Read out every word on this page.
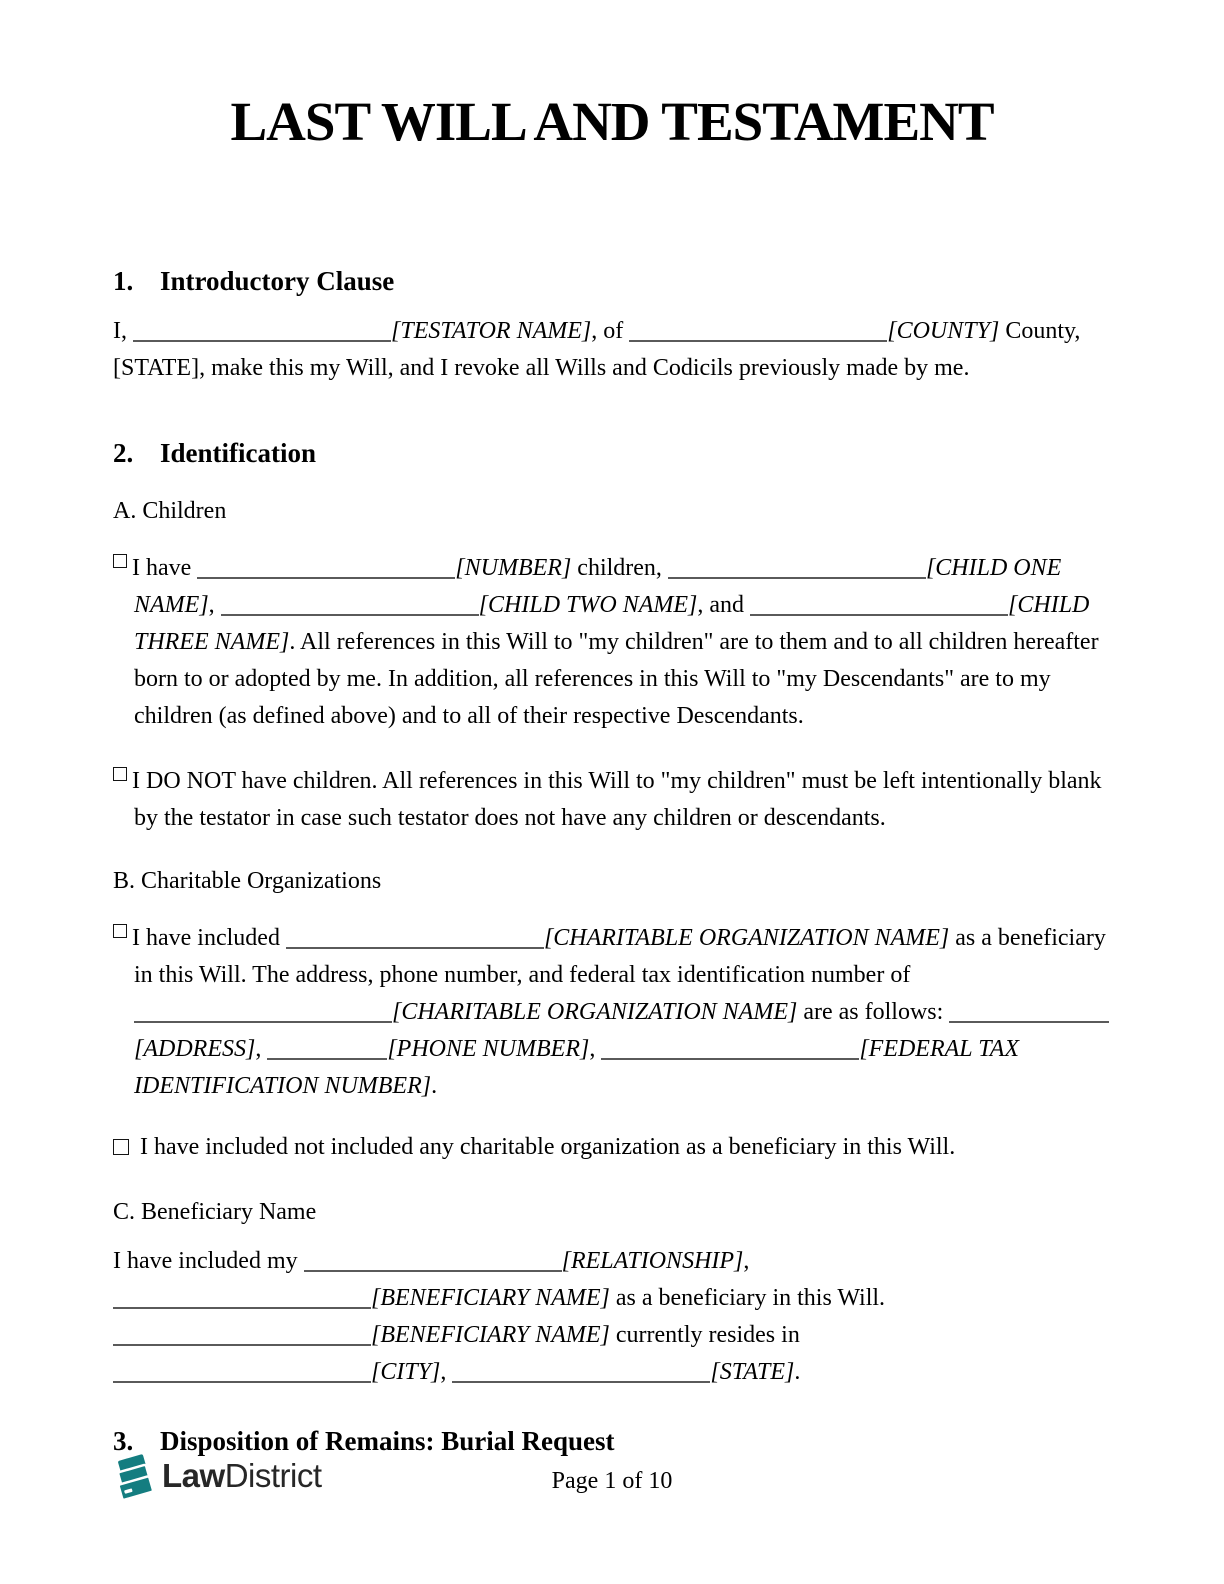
LAST WILL AND TESTAMENT
1. Introductory Clause
I,	[TESTATOR NAME], of	[COUNTY] County, [STATE], make this my Will, and I revoke all Wills and Codicils previously made by me.
2. Identification
A. Children
I have	[NUMBER] children,	[CHILD ONE NAME],	[CHILD TWO NAME], and	[CHILD THREE NAME]. All references in this Will to "my children" are to them and to all children hereafter born to or adopted by me. In addition, all references in this Will to "my Descendants" are to my children (as defined above) and to all of their respective Descendants.
I DO NOT have children. All references in this Will to "my children" must be left intentionally blank by the testator in case such testator does not have any children or descendants.
B. Charitable Organizations
I have included	[CHARITABLE ORGANIZATION NAME] as a beneficiary in this Will. The address, phone number, and federal tax identification number of [CHARITABLE ORGANIZATION NAME] are as follows: [ADDRESS],	[PHONE NUMBER],	[FEDERAL TAX IDENTIFICATION NUMBER].
I have included not included any charitable organization as a beneficiary in this Will.
C. Beneficiary Name
I have included my	[RELATIONSHIP],
[BENEFICIARY NAME] as a beneficiary in this Will.
[BENEFICIARY NAME] currently resides in
[CITY],	[STATE].
3. Disposition of Remains: Burial Request
LawDistrict	Page 1 of 10
